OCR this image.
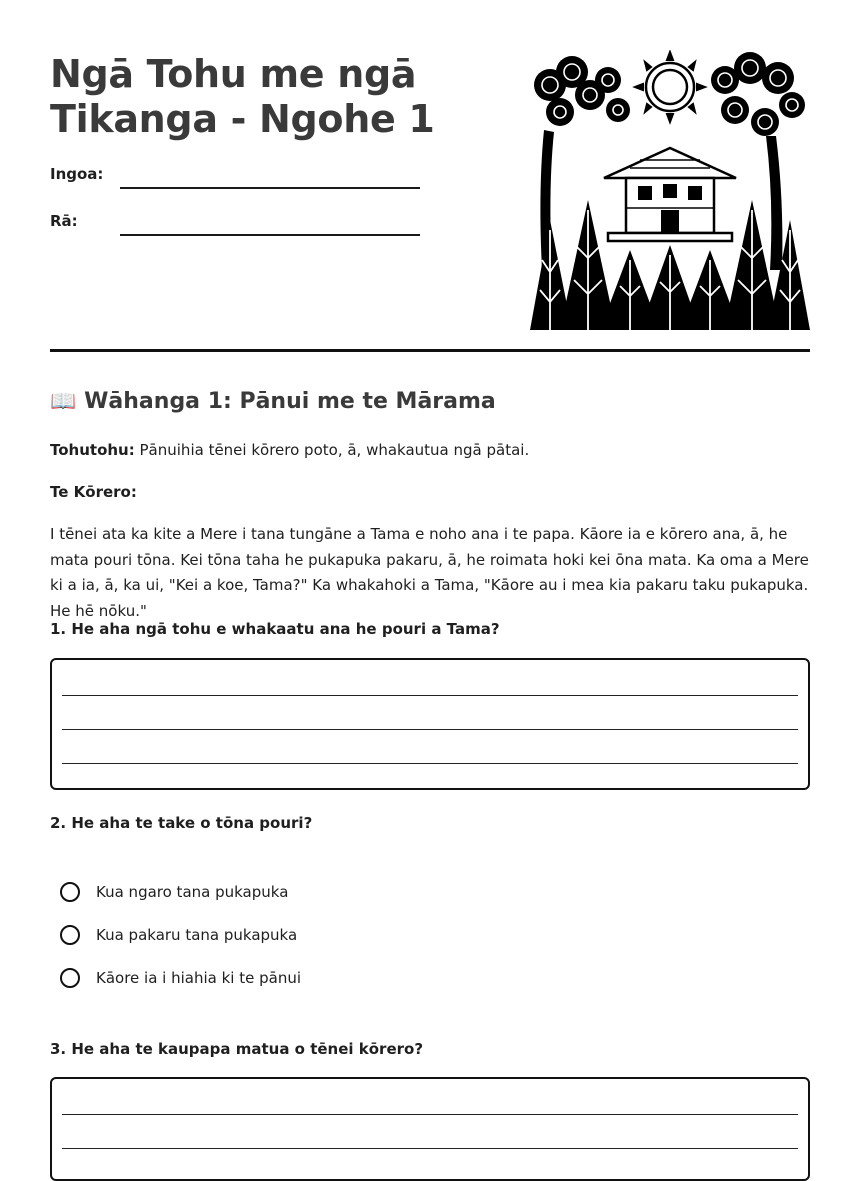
Ngā Tohu me ngā
Tikanga - Ngohe 1
Ingoa:
Rā:
📖 Wāhanga 1: Pānui me te Mārama

Tohutohu: Pānuihia tēnei kōrero poto, ā, whakautua ngā pātai.

Te Kōrero:

I tēnei ata ka kite a Mere i tana tungāne a Tama e noho ana i te papa. Kāore ia e kōrero ana, ā, he mata pouri tōna. Kei tōna taha he pukapuka pakaru, ā, he roimata hoki kei ōna mata. Ka oma a Mere ki a ia, ā, ka ui, "Kei a koe, Tama?" Ka whakahoki a Tama, "Kāore au i mea kia pakaru taku pukapuka. He hē nōku."

1. He aha ngā tohu e whakaatu ana he pouri a Tama?

2. He aha te take o tōna pouri?

Kua ngaro tana pukapuka
Kua pakaru tana pukapuka
Kāore ia i hiahia ki te pānui

3. He aha te kaupapa matua o tēnei kōrero?
